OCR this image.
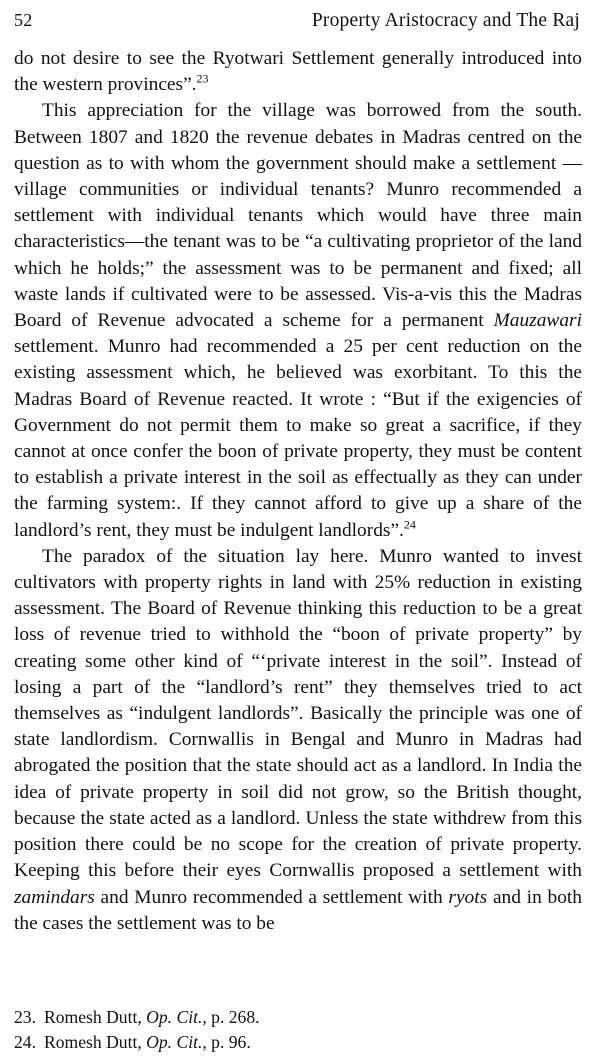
52	Property Aristocracy and The Raj

do not desire to see the Ryotwari Settlement generally introduced into the western provinces”.$^{23}$

This appreciation for the village was borrowed from the south. Between 1807 and 1820 the revenue debates in Madras centred on the question as to with whom the government should make a settlement — village communities or individual tenants? Munro recommended a settlement with individual tenants which would have three main characteristics—the tenant was to be “a cultivating proprietor of the land which he holds;” the assessment was to be permanent and fixed; all waste lands if cultivated were to be assessed. Vis-a-vis this the Madras Board of Revenue advocated a scheme for a permanent Mauzawari settlement. Munro had recommended a 25 per cent reduction on the existing assessment which, he believed was exorbitant. To this the Madras Board of Revenue reacted. It wrote : “But if the exigencies of Government do not permit them to make so great a sacrifice, if they cannot at once confer the boon of private property, they must be content to establish a private interest in the soil as effectually as they can under the farming system:. If they cannot afford to give up a share of the landlord’s rent, they must be indulgent landlords”.$^{24}$

The paradox of the situation lay here. Munro wanted to invest cultivators with property rights in land with 25% reduction in existing assessment. The Board of Revenue thinking this reduction to be a great loss of revenue tried to withhold the “boon of private property” by creating some other kind of “‘private interest in the soil”. Instead of losing a part of the “landlord’s rent” they themselves tried to act themselves as “indulgent landlords”. Basically the principle was one of state landlordism. Cornwallis in Bengal and Munro in Madras had abrogated the position that the state should act as a landlord. In India the idea of private property in soil did not grow, so the British thought, because the state acted as a landlord. Unless the state withdrew from this position there could be no scope for the creation of private property. Keeping this before their eyes Cornwallis proposed a settlement with zamindars and Munro recommended a settlement with ryots and in both the cases the settlement was to be

23. Romesh Dutt, Op. Cit., p. 268.

24. Romesh Dutt, Op. Cit., p. 96.
